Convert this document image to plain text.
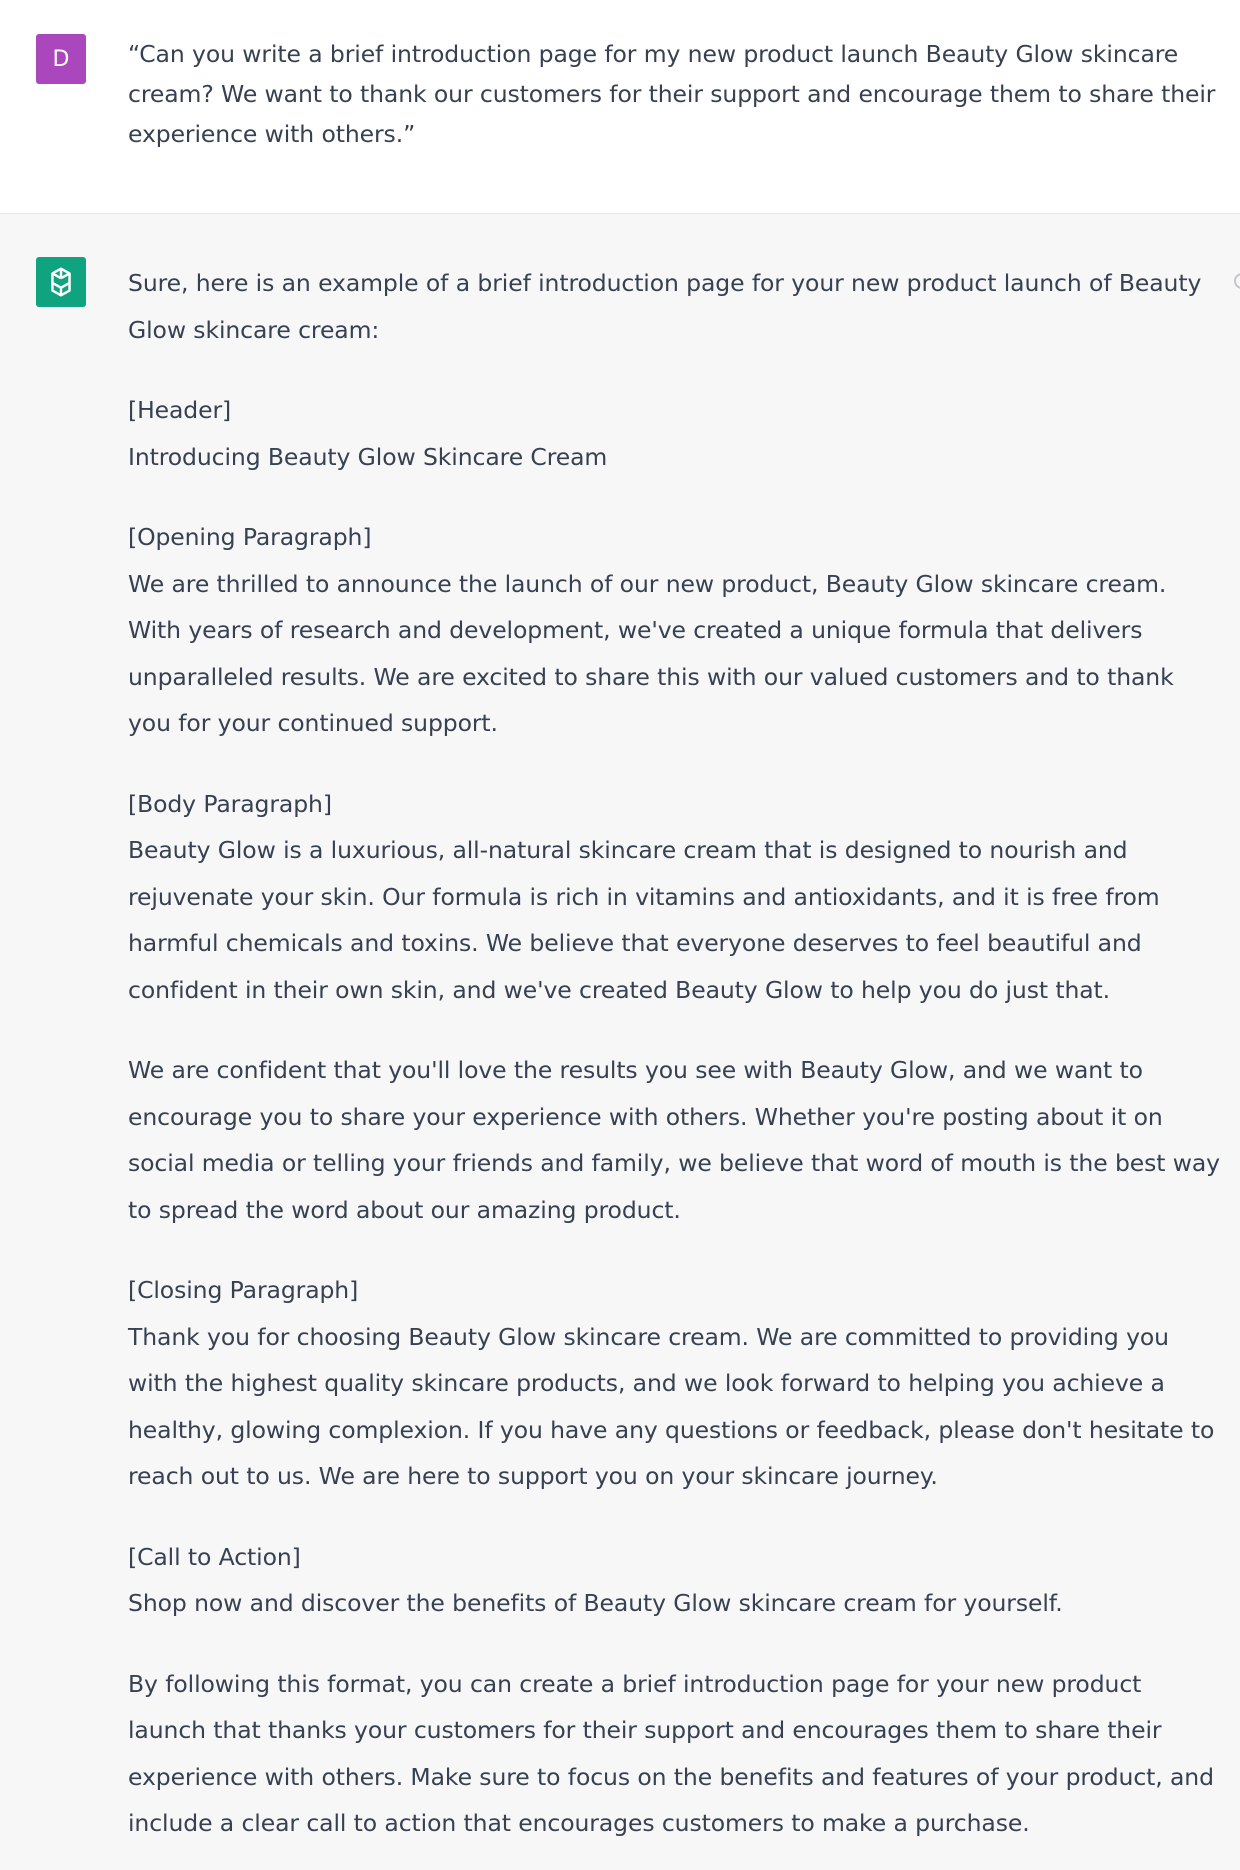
D “Can you write a brief introduction page for my new product launch Beauty Glow skincare cream? We want to thank our customers for their support and encourage them to share their experience with others.”

Sure, here is an example of a brief introduction page for your new product launch of Beauty Glow skincare cream:

[Header]
Introducing Beauty Glow Skincare Cream

[Opening Paragraph]
We are thrilled to announce the launch of our new product, Beauty Glow skincare cream. With years of research and development, we've created a unique formula that delivers unparalleled results. We are excited to share this with our valued customers and to thank you for your continued support.

[Body Paragraph]
Beauty Glow is a luxurious, all-natural skincare cream that is designed to nourish and rejuvenate your skin. Our formula is rich in vitamins and antioxidants, and it is free from harmful chemicals and toxins. We believe that everyone deserves to feel beautiful and confident in their own skin, and we've created Beauty Glow to help you do just that.

We are confident that you'll love the results you see with Beauty Glow, and we want to encourage you to share your experience with others. Whether you're posting about it on social media or telling your friends and family, we believe that word of mouth is the best way to spread the word about our amazing product.

[Closing Paragraph]
Thank you for choosing Beauty Glow skincare cream. We are committed to providing you with the highest quality skincare products, and we look forward to helping you achieve a healthy, glowing complexion. If you have any questions or feedback, please don't hesitate to reach out to us. We are here to support you on your skincare journey.

[Call to Action]
Shop now and discover the benefits of Beauty Glow skincare cream for yourself.

By following this format, you can create a brief introduction page for your new product launch that thanks your customers for their support and encourages them to share their experience with others. Make sure to focus on the benefits and features of your product, and include a clear call to action that encourages customers to make a purchase.
